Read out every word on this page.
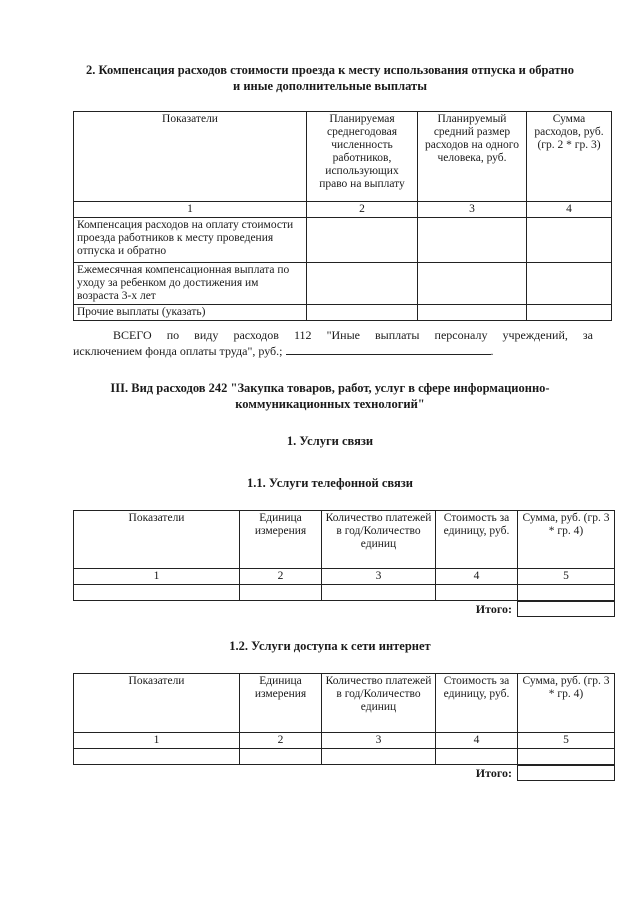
2. Компенсация расходов стоимости проезда к месту использования отпуска и обратно
и иные дополнительные выплаты
Показатели	Планируемая среднегодовая численность работников, использующих право на выплату	Планируемый средний размер расходов на одного человека, руб.	Сумма расходов, руб. (гр. 2 * гр. 3)
1	2	3	4
Компенсация расходов на оплату стоимости проезда работников к месту проведения отпуска и обратно			
Ежемесячная компенсационная выплата по уходу за ребенком до достижения им возраста 3-х лет			
Прочие выплаты (указать)			
ВСЕГО по виду расходов 112 "Иные выплаты персоналу учреждений, за
исключением фонда оплаты труда", руб.;	.
III. Вид расходов 242 "Закупка товаров, работ, услуг в сфере информационно-
коммуникационных технологий"
1. Услуги связи
1.1. Услуги телефонной связи
Показатели	Единица измерения	Количество платежей в год/Количество единиц	Стоимость за единицу, руб.	Сумма, руб. (гр. 3 * гр. 4)
1	2	3	4	5

Итого:
1.2. Услуги доступа к сети интернет
Показатели	Единица измерения	Количество платежей в год/Количество единиц	Стоимость за единицу, руб.	Сумма, руб. (гр. 3 * гр. 4)
1	2	3	4	5

Итого:
